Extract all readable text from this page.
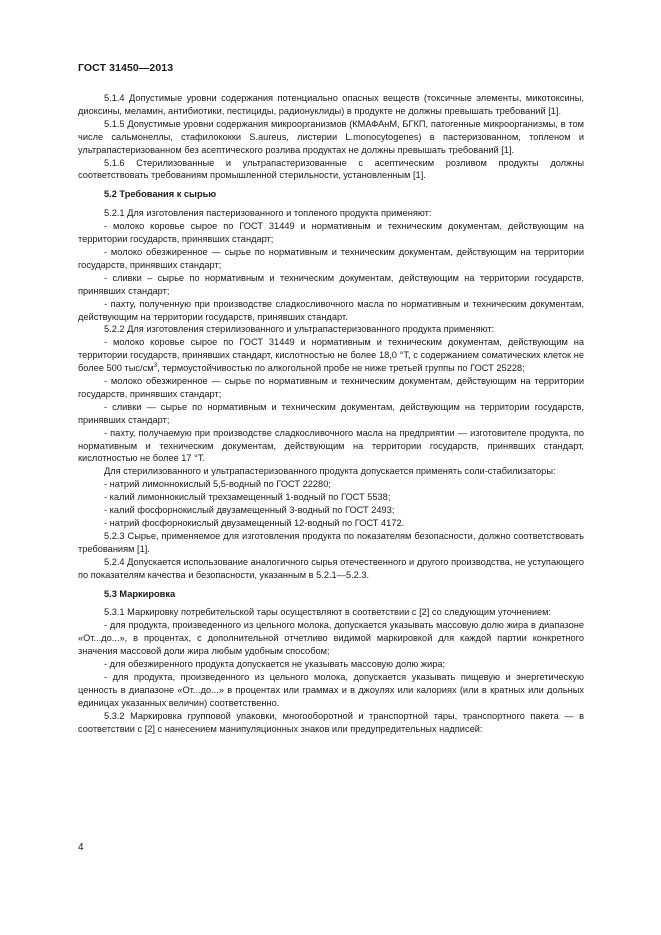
ГОСТ 31450—2013

5.1.4 Допустимые уровни содержания потенциально опасных веществ (токсичные элементы, микотоксины, диоксины, меламин, антибиотики, пестициды, радионуклиды) в продукте не должны превышать требований [1].

5.1.5 Допустимые уровни содержания микроорганизмов (КМАФАнМ, БГКП, патогенные микроорганизмы, в том числе сальмонеллы, стафилококки S.aureus, листерии L.monocytogenes) в пастеризованном, топленом и ультрапастеризованном без асептического розлива продуктах не должны превышать требований [1].

5.1.6 Стерилизованные и ультрапастеризованные с асептическим розливом продукты должны соответствовать требованиям промышленной стерильности, установленным [1].

5.2 Требования к сырью

5.2.1 Для изготовления пастеризованного и топленого продукта применяют:

- молоко коровье сырое по ГОСТ 31449 и нормативным и техническим документам, действующим на территории государств, принявших стандарт;

- молоко обезжиренное — сырье по нормативным и техническим документам, действующим на территории государств, принявших стандарт;

- сливки – сырье по нормативным и техническим документам, действующим на территории государств, принявших стандарт;

- пахту, полученную при производстве сладкосливочного масла по нормативным и техническим документам, действующим на территории государств, принявших стандарт.

5.2.2 Для изготовления стерилизованного и ультрапастеризованного продукта применяют:

- молоко коровье сырое по ГОСТ 31449 и нормативным и техническим документам, действующим на территории государств, принявших стандарт, кислотностью не более 18,0 °Т, с содержанием соматических клеток не более 500 тыс/$см^3$, термоустойчивостью по алкогольной пробе не ниже третьей группы по ГОСТ 25228;

- молоко обезжиренное — сырье по нормативным и техническим документам, действующим на территории государств, принявших стандарт;

- сливки — сырье по нормативным и техническим документам, действующим на территории государств, принявших стандарт;

- пахту, получаемую при производстве сладкосливочного масла на предприятии — изготовителе продукта, по нормативным и техническим документам, действующим на территории государств, принявших стандарт, кислотностью не более 17 °Т.

Для стерилизованного и ультрапастеризованного продукта допускается применять соли-стабилизаторы:

- натрий лимоннокислый 5,5-водный по ГОСТ 22280;

- калий лимоннокислый трехзамещенный 1-водный по ГОСТ 5538;

- калий фосфорнокислый двузамещенный 3-водный по ГОСТ 2493;

- натрий фосфорнокислый двузамещенный 12-водный по ГОСТ 4172.

5.2.3 Сырье, применяемое для изготовления продукта по показателям безопасности, должно соответствовать требованиям [1].

5.2.4 Допускается использование аналогичного сырья отечественного и другого производства, не уступающего по показателям качества и безопасности, указанным в 5.2.1—5.2.3.

5.3 Маркировка

5.3.1 Маркировку потребительской тары осуществляют в соответствии с [2] со следующим уточнением:

- для продукта, произведенного из цельного молока, допускается указывать массовую долю жира в диапазоне «От...до...», в процентах, с дополнительной отчетливо видимой маркировкой для каждой партии конкретного значения массовой доли жира любым удобным способом;

- для обезжиренного продукта допускается не указывать массовую долю жира;

- для продукта, произведенного из цельного молока, допускается указывать пищевую и энергетическую ценность в диапазоне «От...до...» в процентах или граммах и в джоулях или калориях (или в кратных или дольных единицах указанных величин) соответственно.

5.3.2 Маркировка групповой упаковки, многооборотной и транспортной тары, транспортного пакета — в соответствии с [2] с нанесением манипуляционных знаков или предупредительных надписей:

4
